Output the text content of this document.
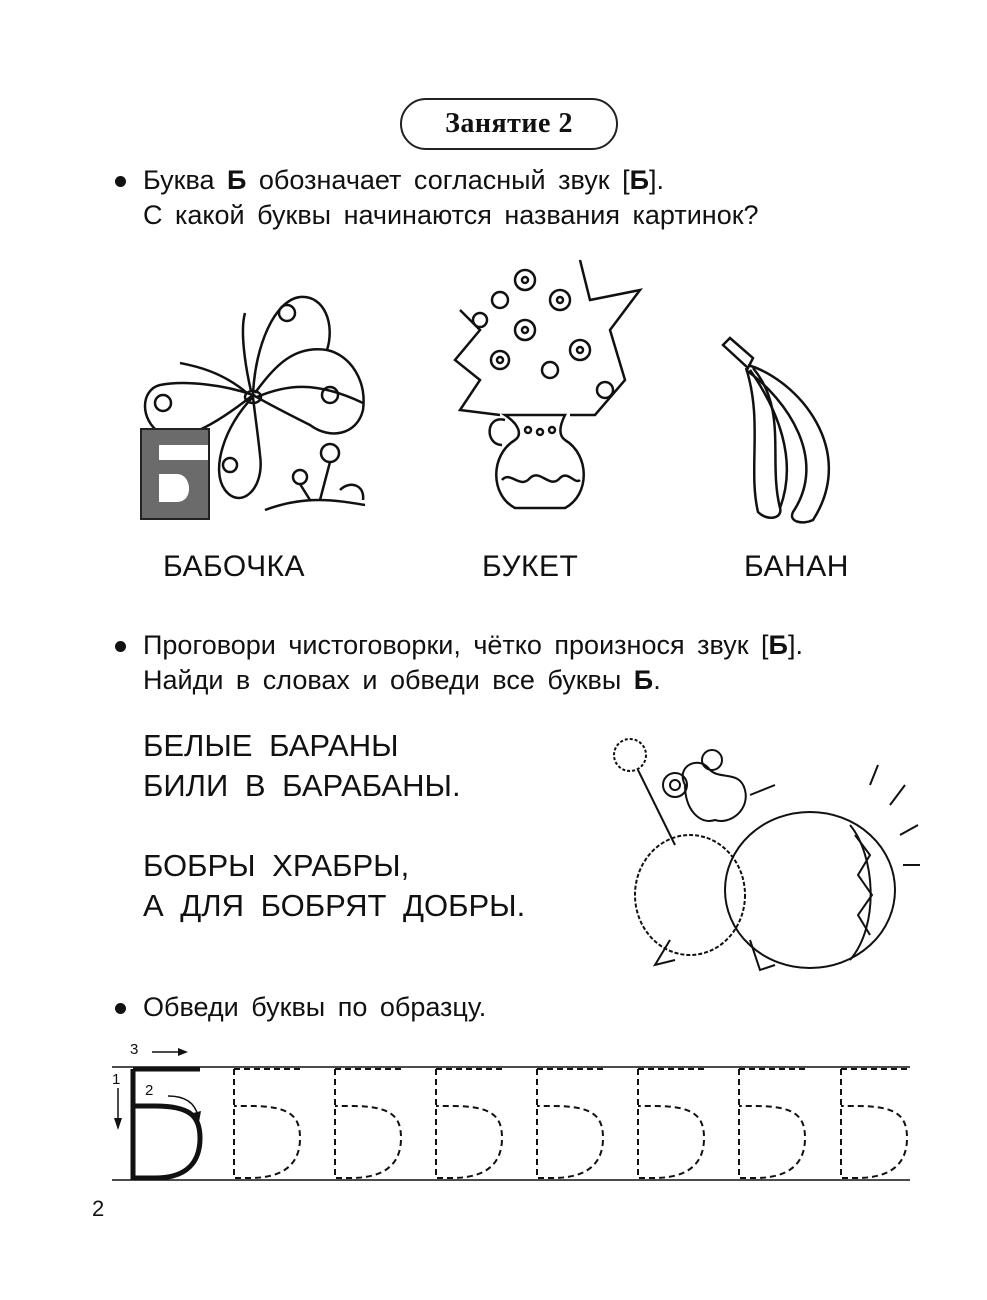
Занятие 2
Буква Б обозначает согласный звук [Б].
С какой буквы начинаются названия картинок?
БАБОЧКА	БУКЕТ	БАНАН
Проговори чистоговорки, чётко произнося звук [Б].
Найди в словах и обведи все буквы Б.
БЕЛЫЕ БАРАНЫ
БИЛИ В БАРАБАНЫ.
БОБРЫ ХРАБРЫ,
А ДЛЯ БОБРЯТ ДОБРЫ.
Обведи буквы по образцу.
1
2
3
2
